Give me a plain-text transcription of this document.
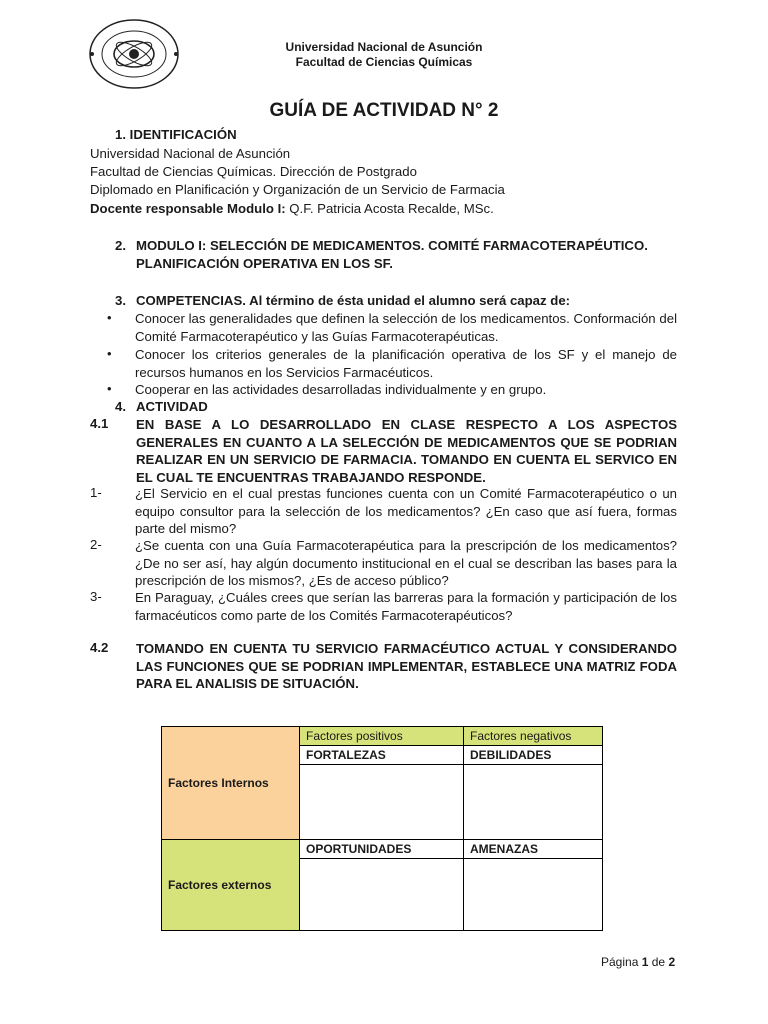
Universidad Nacional de Asunción
Facultad de Ciencias Químicas
GUÍA DE ACTIVIDAD N° 2
1. IDENTIFICACIÓN
Universidad Nacional de Asunción
Facultad de Ciencias Químicas. Dirección de Postgrado
Diplomado en Planificación y Organización de un Servicio de Farmacia
Docente responsable Modulo I: Q.F. Patricia Acosta Recalde, MSc.
2. MODULO I: SELECCIÓN DE MEDICAMENTOS. COMITÉ FARMACOTERAPÉUTICO.
PLANIFICACIÓN OPERATIVA EN LOS SF.
3. COMPETENCIAS. Al término de ésta unidad el alumno será capaz de:
• Conocer las generalidades que definen la selección de los medicamentos. Conformación del Comité Farmacoterapéutico y las Guías Farmacoterapéuticas.
• Conocer los criterios generales de la planificación operativa de los SF y el manejo de recursos humanos en los Servicios Farmacéuticos.
• Cooperar en las actividades desarrolladas individualmente y en grupo.
4. ACTIVIDAD
4.1 EN BASE A LO DESARROLLADO EN CLASE RESPECTO A LOS ASPECTOS GENERALES EN CUANTO A LA SELECCIÓN DE MEDICAMENTOS QUE SE PODRIAN REALIZAR EN UN SERVICIO DE FARMACIA. TOMANDO EN CUENTA EL SERVICO EN EL CUAL TE ENCUENTRAS TRABAJANDO RESPONDE.
1-	¿El Servicio en el cual prestas funciones cuenta con un Comité Farmacoterapéutico o un equipo consultor para la selección de los medicamentos? ¿En caso que así fuera, formas parte del mismo?
2-	¿Se cuenta con una Guía Farmacoterapéutica para la prescripción de los medicamentos? ¿De no ser así, hay algún documento institucional en el cual se describan las bases para la prescripción de los mismos?, ¿Es de acceso público?
3-	En Paraguay, ¿Cuáles crees que serían las barreras para la formación y participación de los farmacéuticos como parte de los Comités Farmacoterapéuticos?
4.2 TOMANDO EN CUENTA TU SERVICIO FARMACÉUTICO ACTUAL Y CONSIDERANDO LAS FUNCIONES QUE SE PODRIAN IMPLEMENTAR, ESTABLECE UNA MATRIZ FODA PARA EL ANALISIS DE SITUACIÓN.
Factores Internos	Factores positivos	Factores negativos
	FORTALEZAS	DEBILIDADES

Factores externos	OPORTUNIDADES	AMENAZAS

Página 1 de 2
